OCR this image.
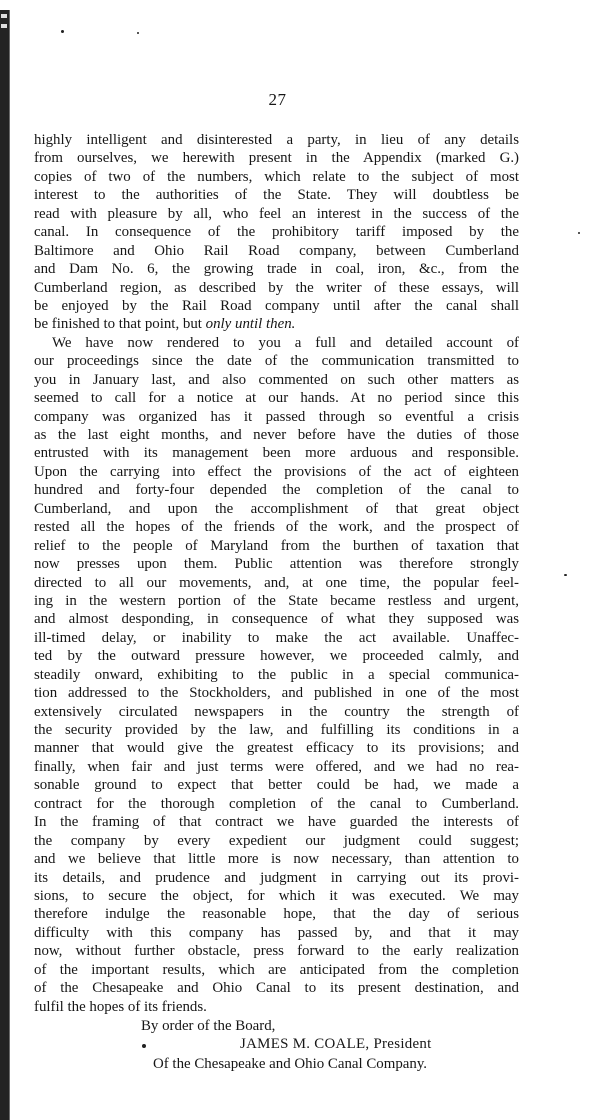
27
highly intelligent and disinterested a party, in lieu of any details
from ourselves, we herewith present in the Appendix (marked G.)
copies of two of the numbers, which relate to the subject of most
interest to the authorities of the State. They will doubtless be
read with pleasure by all, who feel an interest in the success of the
canal. In consequence of the prohibitory tariff imposed by the
Baltimore and Ohio Rail Road company, between Cumberland
and Dam No. 6, the growing trade in coal, iron, &c., from the
Cumberland region, as described by the writer of these essays, will
be enjoyed by the Rail Road company until after the canal shall
be finished to that point, but only until then.
We have now rendered to you a full and detailed account of
our proceedings since the date of the communication transmitted to
you in January last, and also commented on such other matters as
seemed to call for a notice at our hands. At no period since this
company was organized has it passed through so eventful a crisis
as the last eight months, and never before have the duties of those
entrusted with its management been more arduous and responsible.
Upon the carrying into effect the provisions of the act of eighteen
hundred and forty-four depended the completion of the canal to
Cumberland, and upon the accomplishment of that great object
rested all the hopes of the friends of the work, and the prospect of
relief to the people of Maryland from the burthen of taxation that
now presses upon them. Public attention was therefore strongly
directed to all our movements, and, at one time, the popular feel-
ing in the western portion of the State became restless and urgent,
and almost desponding, in consequence of what they supposed was
ill-timed delay, or inability to make the act available. Unaffec-
ted by the outward pressure however, we proceeded calmly, and
steadily onward, exhibiting to the public in a special communica-
tion addressed to the Stockholders, and published in one of the most
extensively circulated newspapers in the country the strength of
the security provided by the law, and fulfilling its conditions in a
manner that would give the greatest efficacy to its provisions; and
finally, when fair and just terms were offered, and we had no rea-
sonable ground to expect that better could be had, we made a
contract for the thorough completion of the canal to Cumberland.
In the framing of that contract we have guarded the interests of
the company by every expedient our judgment could suggest;
and we believe that little more is now necessary, than attention to
its details, and prudence and judgment in carrying out its provi-
sions, to secure the object, for which it was executed. We may
therefore indulge the reasonable hope, that the day of serious
difficulty with this company has passed by, and that it may
now, without further obstacle, press forward to the early realization
of the important results, which are anticipated from the completion
of the Chesapeake and Ohio Canal to its present destination, and
fulfil the hopes of its friends.
By order of the Board,
JAMES M. COALE, President
Of the Chesapeake and Ohio Canal Company.
